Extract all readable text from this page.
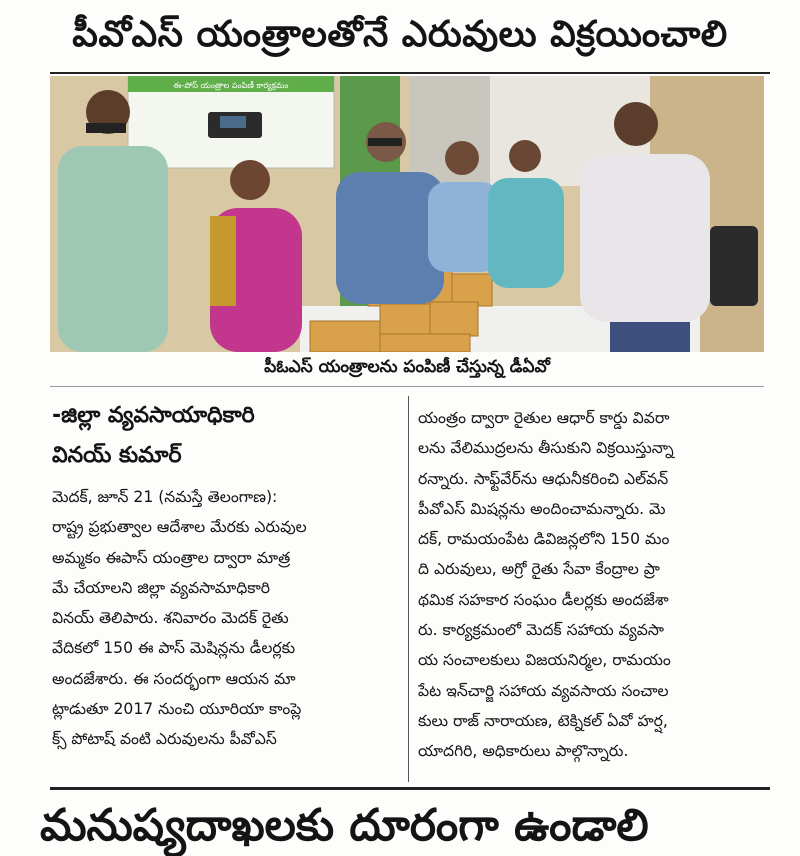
పీవోఎస్ యంత్రాలతోనే ఎరువులు విక్రయించాలి
ఈ-పోస్ యంత్రాల పంపిణీ కార్యక్రమం
పీఓఎస్ యంత్రాలను పంపిణీ చేస్తున్న డీఏవో
-జిల్లా వ్యవసాయాధికారి
వినయ్ కుమార్
మెదక్, జూన్ 21 (నమస్తే తెలంగాణ):
రాష్ట్ర ప్రభుత్వాల ఆదేశాల మేరకు ఎరువుల
అమ్మకం ఈపాస్ యంత్రాల ద్వారా మాత్ర
మే చేయాలని జిల్లా వ్యవసామాధికారి
వినయ్ తెలిపారు. శనివారం మెదక్ రైతు
వేదికలో 150 ఈ పాస్ మెషిన్లను డీలర్లకు
అందజేశారు. ఈ సందర్భంగా ఆయన మా
ట్లాడుతూ 2017 నుంచి యూరియా కాంప్లె
క్స్ పోటాష్ వంటి ఎరువులను పీవోఎస్
యంత్రం ద్వారా రైతుల ఆధార్ కార్డు వివరా
లను వేలిముద్రలను తీసుకుని విక్రయిస్తున్నా
రన్నారు. సాఫ్ట్‌వేర్‌ను ఆధునీకరించి ఎల్‌వన్
పీవోఎస్ మిషన్లను అందించామన్నారు. మె
దక్, రామయంపేట డివిజన్లలోని 150 మం
ది ఎరువులు, అగ్రో రైతు సేవా కేంద్రాల ప్రా
థమిక సహకార సంఘం డీలర్లకు అందజేశా
రు. కార్యక్రమంలో మెదక్ సహాయ వ్యవసా
య సంచాలకులు విజయనిర్మల, రామయం
పేట ఇన్‌చార్జి సహాయ వ్యవసాయ సంచాల
కులు రాజ్ నారాయణ, టెక్నికల్ ఏవో హర్ష,
యాదగిరి, అధికారులు పాల్గొన్నారు.
మనుష్యదాఖలకు దూరంగా ఉండాలి
